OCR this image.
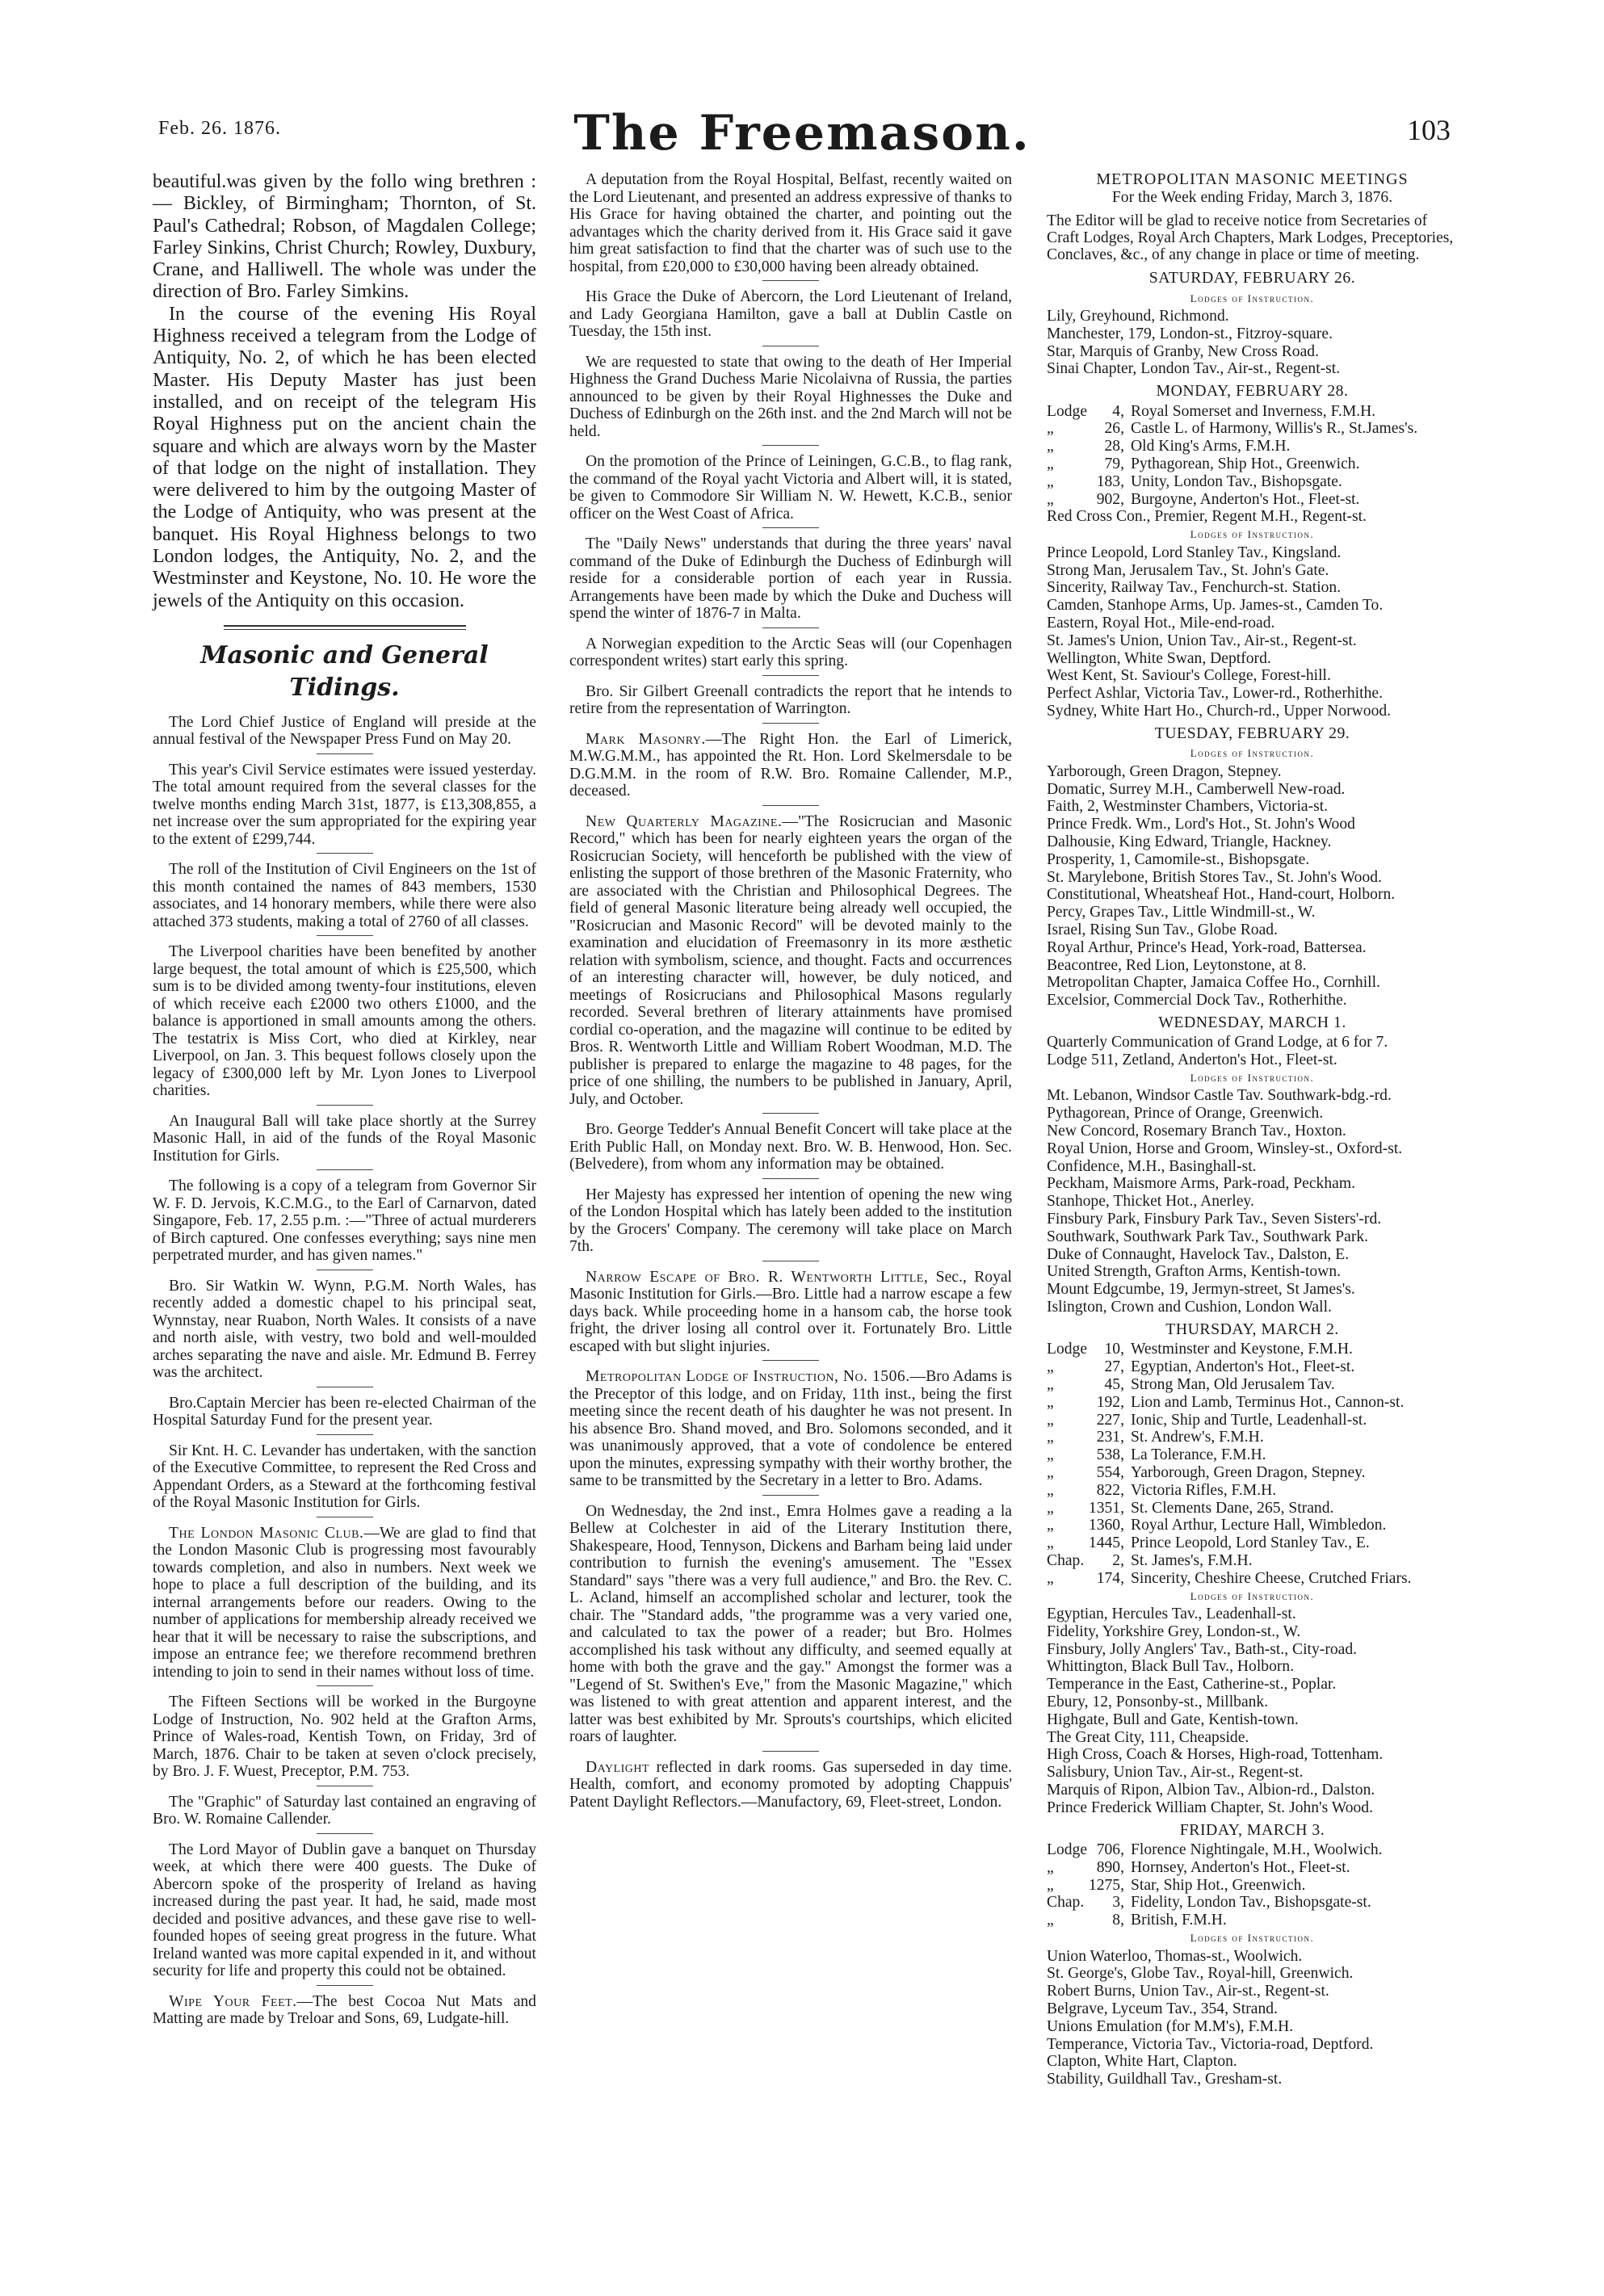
Feb. 26. 1876.	The Freemason.	103

beautiful.was given by the follo wing brethren :— Bickley, of Birmingham; Thornton, of St. Paul's Cathedral; Robson, of Magdalen College; Farley Sinkins, Christ Church; Rowley, Duxbury, Crane, and Halliwell. The whole was under the direction of Bro. Farley Simkins.

In the course of the evening His Royal Highness received a telegram from the Lodge of Antiquity, No. 2, of which he has been elected Master. His Deputy Master has just been installed, and on receipt of the telegram His Royal Highness put on the ancient chain the square and which are always worn by the Master of that lodge on the night of installation. They were delivered to him by the outgoing Master of the Lodge of Antiquity, who was present at the banquet. His Royal Highness belongs to two London lodges, the Antiquity, No. 2, and the Westminster and Keystone, No. 10. He wore the jewels of the Antiquity on this occasion.

Masonic and General Tidings.

The Lord Chief Justice of England will preside at the annual festival of the Newspaper Press Fund on May 20.

This year's Civil Service estimates were issued yesterday. The total amount required from the several classes for the twelve months ending March 31st, 1877, is £13,308,855, a net increase over the sum appropriated for the expiring year to the extent of £299,744.

The roll of the Institution of Civil Engineers on the 1st of this month contained the names of 843 members, 1530 associates, and 14 honorary members, while there were also attached 373 students, making a total of 2760 of all classes.

The Liverpool charities have been benefited by another large bequest, the total amount of which is £25,500, which sum is to be divided among twenty-four institutions, eleven of which receive each £2000 two others £1000, and the balance is apportioned in small amounts among the others. The testatrix is Miss Cort, who died at Kirkley, near Liverpool, on Jan. 3. This bequest follows closely upon the legacy of £300,000 left by Mr. Lyon Jones to Liverpool charities.

An Inaugural Ball will take place shortly at the Surrey Masonic Hall, in aid of the funds of the Royal Masonic Institution for Girls.

The following is a copy of a telegram from Governor Sir W. F. D. Jervois, K.C.M.G., to the Earl of Carnarvon, dated Singapore, Feb. 17, 2.55 p.m. :—"Three of actual murderers of Birch captured. One confesses everything; says nine men perpetrated murder, and has given names."

Bro. Sir Watkin W. Wynn, P.G.M. North Wales, has recently added a domestic chapel to his principal seat, Wynnstay, near Ruabon, North Wales. It consists of a nave and north aisle, with vestry, two bold and well-moulded arches separating the nave and aisle. Mr. Edmund B. Ferrey was the architect.

Bro.Captain Mercier has been re-elected Chairman of the Hospital Saturday Fund for the present year.

Sir Knt. H. C. Levander has undertaken, with the sanction of the Executive Committee, to represent the Red Cross and Appendant Orders, as a Steward at the forthcoming festival of the Royal Masonic Institution for Girls.

The London Masonic Club.—We are glad to find that the London Masonic Club is progressing most favourably towards completion, and also in numbers. Next week we hope to place a full description of the building, and its internal arrangements before our readers. Owing to the number of applications for membership already received we hear that it will be necessary to raise the subscriptions, and impose an entrance fee; we therefore recommend brethren intending to join to send in their names without loss of time.

The Fifteen Sections will be worked in the Burgoyne Lodge of Instruction, No. 902 held at the Grafton Arms, Prince of Wales-road, Kentish Town, on Friday, 3rd of March, 1876. Chair to be taken at seven o'clock precisely, by Bro. J. F. Wuest, Preceptor, P.M. 753.

The "Graphic" of Saturday last contained an engraving of Bro. W. Romaine Callender.

The Lord Mayor of Dublin gave a banquet on Thursday week, at which there were 400 guests. The Duke of Abercorn spoke of the prosperity of Ireland as having increased during the past year. It had, he said, made most decided and positive advances, and these gave rise to well-founded hopes of seeing great progress in the future. What Ireland wanted was more capital expended in it, and without security for life and property this could not be obtained.

Wipe Your Feet.—The best Cocoa Nut Mats and Matting are made by Treloar and Sons, 69, Ludgate-hill.

A deputation from the Royal Hospital, Belfast, recently waited on the Lord Lieutenant, and presented an address expressive of thanks to His Grace for having obtained the charter, and pointing out the advantages which the charity derived from it. His Grace said it gave him great satisfaction to find that the charter was of such use to the hospital, from £20,000 to £30,000 having been already obtained.

His Grace the Duke of Abercorn, the Lord Lieutenant of Ireland, and Lady Georgiana Hamilton, gave a ball at Dublin Castle on Tuesday, the 15th inst.

We are requested to state that owing to the death of Her Imperial Highness the Grand Duchess Marie Nicolaivna of Russia, the parties announced to be given by their Royal Highnesses the Duke and Duchess of Edinburgh on the 26th inst. and the 2nd March will not be held.

On the promotion of the Prince of Leiningen, G.C.B., to flag rank, the command of the Royal yacht Victoria and Albert will, it is stated, be given to Commodore Sir William N. W. Hewett, K.C.B., senior officer on the West Coast of Africa.

The "Daily News" understands that during the three years' naval command of the Duke of Edinburgh the Duchess of Edinburgh will reside for a considerable portion of each year in Russia. Arrangements have been made by which the Duke and Duchess will spend the winter of 1876-7 in Malta.

A Norwegian expedition to the Arctic Seas will (our Copenhagen correspondent writes) start early this spring.

Bro. Sir Gilbert Greenall contradicts the report that he intends to retire from the representation of Warrington.

Mark Masonry.—The Right Hon. the Earl of Limerick, M.W.G.M.M., has appointed the Rt. Hon. Lord Skelmersdale to be D.G.M.M. in the room of R.W. Bro. Romaine Callender, M.P., deceased.

New Quarterly Magazine.—"The Rosicrucian and Masonic Record," which has been for nearly eighteen years the organ of the Rosicrucian Society, will henceforth be published with the view of enlisting the support of those brethren of the Masonic Fraternity, who are associated with the Christian and Philosophical Degrees. The field of general Masonic literature being already well occupied, the "Rosicrucian and Masonic Record" will be devoted mainly to the examination and elucidation of Freemasonry in its more æsthetic relation with symbolism, science, and thought. Facts and occurrences of an interesting character will, however, be duly noticed, and meetings of Rosicrucians and Philosophical Masons regularly recorded. Several brethren of literary attainments have promised cordial co-operation, and the magazine will continue to be edited by Bros. R. Wentworth Little and William Robert Woodman, M.D. The publisher is prepared to enlarge the magazine to 48 pages, for the price of one shilling, the numbers to be published in January, April, July, and October.

Bro. George Tedder's Annual Benefit Concert will take place at the Erith Public Hall, on Monday next. Bro. W. B. Henwood, Hon. Sec. (Belvedere), from whom any information may be obtained.

Her Majesty has expressed her intention of opening the new wing of the London Hospital which has lately been added to the institution by the Grocers' Company. The ceremony will take place on March 7th.

Narrow Escape of Bro. R. Wentworth Little, Sec., Royal Masonic Institution for Girls.—Bro. Little had a narrow escape a few days back. While proceeding home in a hansom cab, the horse took fright, the driver losing all control over it. Fortunately Bro. Little escaped with but slight injuries.

Metropolitan Lodge of Instruction, No. 1506.—Bro Adams is the Preceptor of this lodge, and on Friday, 11th inst., being the first meeting since the recent death of his daughter he was not present. In his absence Bro. Shand moved, and Bro. Solomons seconded, and it was unanimously approved, that a vote of condolence be entered upon the minutes, expressing sympathy with their worthy brother, the same to be transmitted by the Secretary in a letter to Bro. Adams.

On Wednesday, the 2nd inst., Emra Holmes gave a reading a la Bellew at Colchester in aid of the Literary Institution there, Shakespeare, Hood, Tennyson, Dickens and Barham being laid under contribution to furnish the evening's amusement. The "Essex Standard" says "there was a very full audience," and Bro. the Rev. C. L. Acland, himself an accomplished scholar and lecturer, took the chair. The "Standard adds, "the programme was a very varied one, and calculated to tax the power of a reader; but Bro. Holmes accomplished his task without any difficulty, and seemed equally at home with both the grave and the gay." Amongst the former was a "Legend of St. Swithen's Eve," from the Masonic Magazine," which was listened to with great attention and apparent interest, and the latter was best exhibited by Mr. Sprouts's courtships, which elicited roars of laughter.

Daylight reflected in dark rooms. Gas superseded in day time. Health, comfort, and economy promoted by adopting Chappuis' Patent Daylight Reflectors.—Manufactory, 69, Fleet-street, London.

METROPOLITAN MASONIC MEETINGS
For the Week ending Friday, March 3, 1876.
The Editor will be glad to receive notice from Secretaries of Craft Lodges, Royal Arch Chapters, Mark Lodges, Preceptories, Conclaves, &c., of any change in place or time of meeting.
SATURDAY, FEBRUARY 26.
Lodges of Instruction.
Lily, Greyhound, Richmond.
Manchester, 179, London-st., Fitzroy-square.
Star, Marquis of Granby, New Cross Road.
Sinai Chapter, London Tav., Air-st., Regent-st.
MONDAY, FEBRUARY 28.
Lodge 4, Royal Somerset and Inverness, F.M.H.
„	26, Castle L. of Harmony, Willis's R., St.James's.
„	28, Old King's Arms, F.M.H.
„	79, Pythagorean, Ship Hot., Greenwich.
„	183, Unity, London Tav., Bishopsgate.
„	902, Burgoyne, Anderton's Hot., Fleet-st.
Red Cross Con., Premier, Regent M.H., Regent-st.
Lodges of Instruction.
Prince Leopold, Lord Stanley Tav., Kingsland.
Strong Man, Jerusalem Tav., St. John's Gate.
Sincerity, Railway Tav., Fenchurch-st. Station.
Camden, Stanhope Arms, Up. James-st., Camden To.
Eastern, Royal Hot., Mile-end-road.
St. James's Union, Union Tav., Air-st., Regent-st.
Wellington, White Swan, Deptford.
West Kent, St. Saviour's College, Forest-hill.
Perfect Ashlar, Victoria Tav., Lower-rd., Rotherhithe.
Sydney, White Hart Ho., Church-rd., Upper Norwood.
TUESDAY, FEBRUARY 29.
Lodges of Instruction.
Yarborough, Green Dragon, Stepney.
Domatic, Surrey M.H., Camberwell New-road.
Faith, 2, Westminster Chambers, Victoria-st.
Prince Fredk. Wm., Lord's Hot., St. John's Wood
Dalhousie, King Edward, Triangle, Hackney.
Prosperity, 1, Camomile-st., Bishopsgate.
St. Marylebone, British Stores Tav., St. John's Wood.
Constitutional, Wheatsheaf Hot., Hand-court, Holborn.
Percy, Grapes Tav., Little Windmill-st., W.
Israel, Rising Sun Tav., Globe Road.
Royal Arthur, Prince's Head, York-road, Battersea.
Beacontree, Red Lion, Leytonstone, at 8.
Metropolitan Chapter, Jamaica Coffee Ho., Cornhill.
Excelsior, Commercial Dock Tav., Rotherhithe.
WEDNESDAY, MARCH 1.
Quarterly Communication of Grand Lodge, at 6 for 7.
Lodge 511, Zetland, Anderton's Hot., Fleet-st.
Lodges of Instruction.
Mt. Lebanon, Windsor Castle Tav. Southwark-bdg.-rd.
Pythagorean, Prince of Orange, Greenwich.
New Concord, Rosemary Branch Tav., Hoxton.
Royal Union, Horse and Groom, Winsley-st., Oxford-st.
Confidence, M.H., Basinghall-st.
Peckham, Maismore Arms, Park-road, Peckham.
Stanhope, Thicket Hot., Anerley.
Finsbury Park, Finsbury Park Tav., Seven Sisters'-rd.
Southwark, Southwark Park Tav., Southwark Park.
Duke of Connaught, Havelock Tav., Dalston, E.
United Strength, Grafton Arms, Kentish-town.
Mount Edgcumbe, 19, Jermyn-street, St James's.
Islington, Crown and Cushion, London Wall.
THURSDAY, MARCH 2.
Lodge 10, Westminster and Keystone, F.M.H.
„	27, Egyptian, Anderton's Hot., Fleet-st.
„	45, Strong Man, Old Jerusalem Tav.
„	192, Lion and Lamb, Terminus Hot., Cannon-st.
„	227, Ionic, Ship and Turtle, Leadenhall-st.
„	231, St. Andrew's, F.M.H.
„	538, La Tolerance, F.M.H.
„	554, Yarborough, Green Dragon, Stepney.
„	822, Victoria Rifles, F.M.H.
„ 1351, St. Clements Dane, 265, Strand.
„ 1360, Royal Arthur, Lecture Hall, Wimbledon.
„ 1445, Prince Leopold, Lord Stanley Tav., E.
Chap. 2, St. James's, F.M.H.
„	174, Sincerity, Cheshire Cheese, Crutched Friars.
Lodges of Instruction.
Egyptian, Hercules Tav., Leadenhall-st.
Fidelity, Yorkshire Grey, London-st., W.
Finsbury, Jolly Anglers' Tav., Bath-st., City-road.
Whittington, Black Bull Tav., Holborn.
Temperance in the East, Catherine-st., Poplar.
Ebury, 12, Ponsonby-st., Millbank.
Highgate, Bull and Gate, Kentish-town.
The Great City, 111, Cheapside.
High Cross, Coach & Horses, High-road, Tottenham.
Salisbury, Union Tav., Air-st., Regent-st.
Marquis of Ripon, Albion Tav., Albion-rd., Dalston.
Prince Frederick William Chapter, St. John's Wood.
FRIDAY, MARCH 3.
Lodge 706, Florence Nightingale, M.H., Woolwich.
„	890, Hornsey, Anderton's Hot., Fleet-st.
„ 1275, Star, Ship Hot., Greenwich.
Chap. 3, Fidelity, London Tav., Bishopsgate-st.
„	8, British, F.M.H.
Lodges of Instruction.
Union Waterloo, Thomas-st., Woolwich.
St. George's, Globe Tav., Royal-hill, Greenwich.
Robert Burns, Union Tav., Air-st., Regent-st.
Belgrave, Lyceum Tav., 354, Strand.
Unions Emulation (for M.M's), F.M.H.
Temperance, Victoria Tav., Victoria-road, Deptford.
Clapton, White Hart, Clapton.
Stability, Guildhall Tav., Gresham-st.
